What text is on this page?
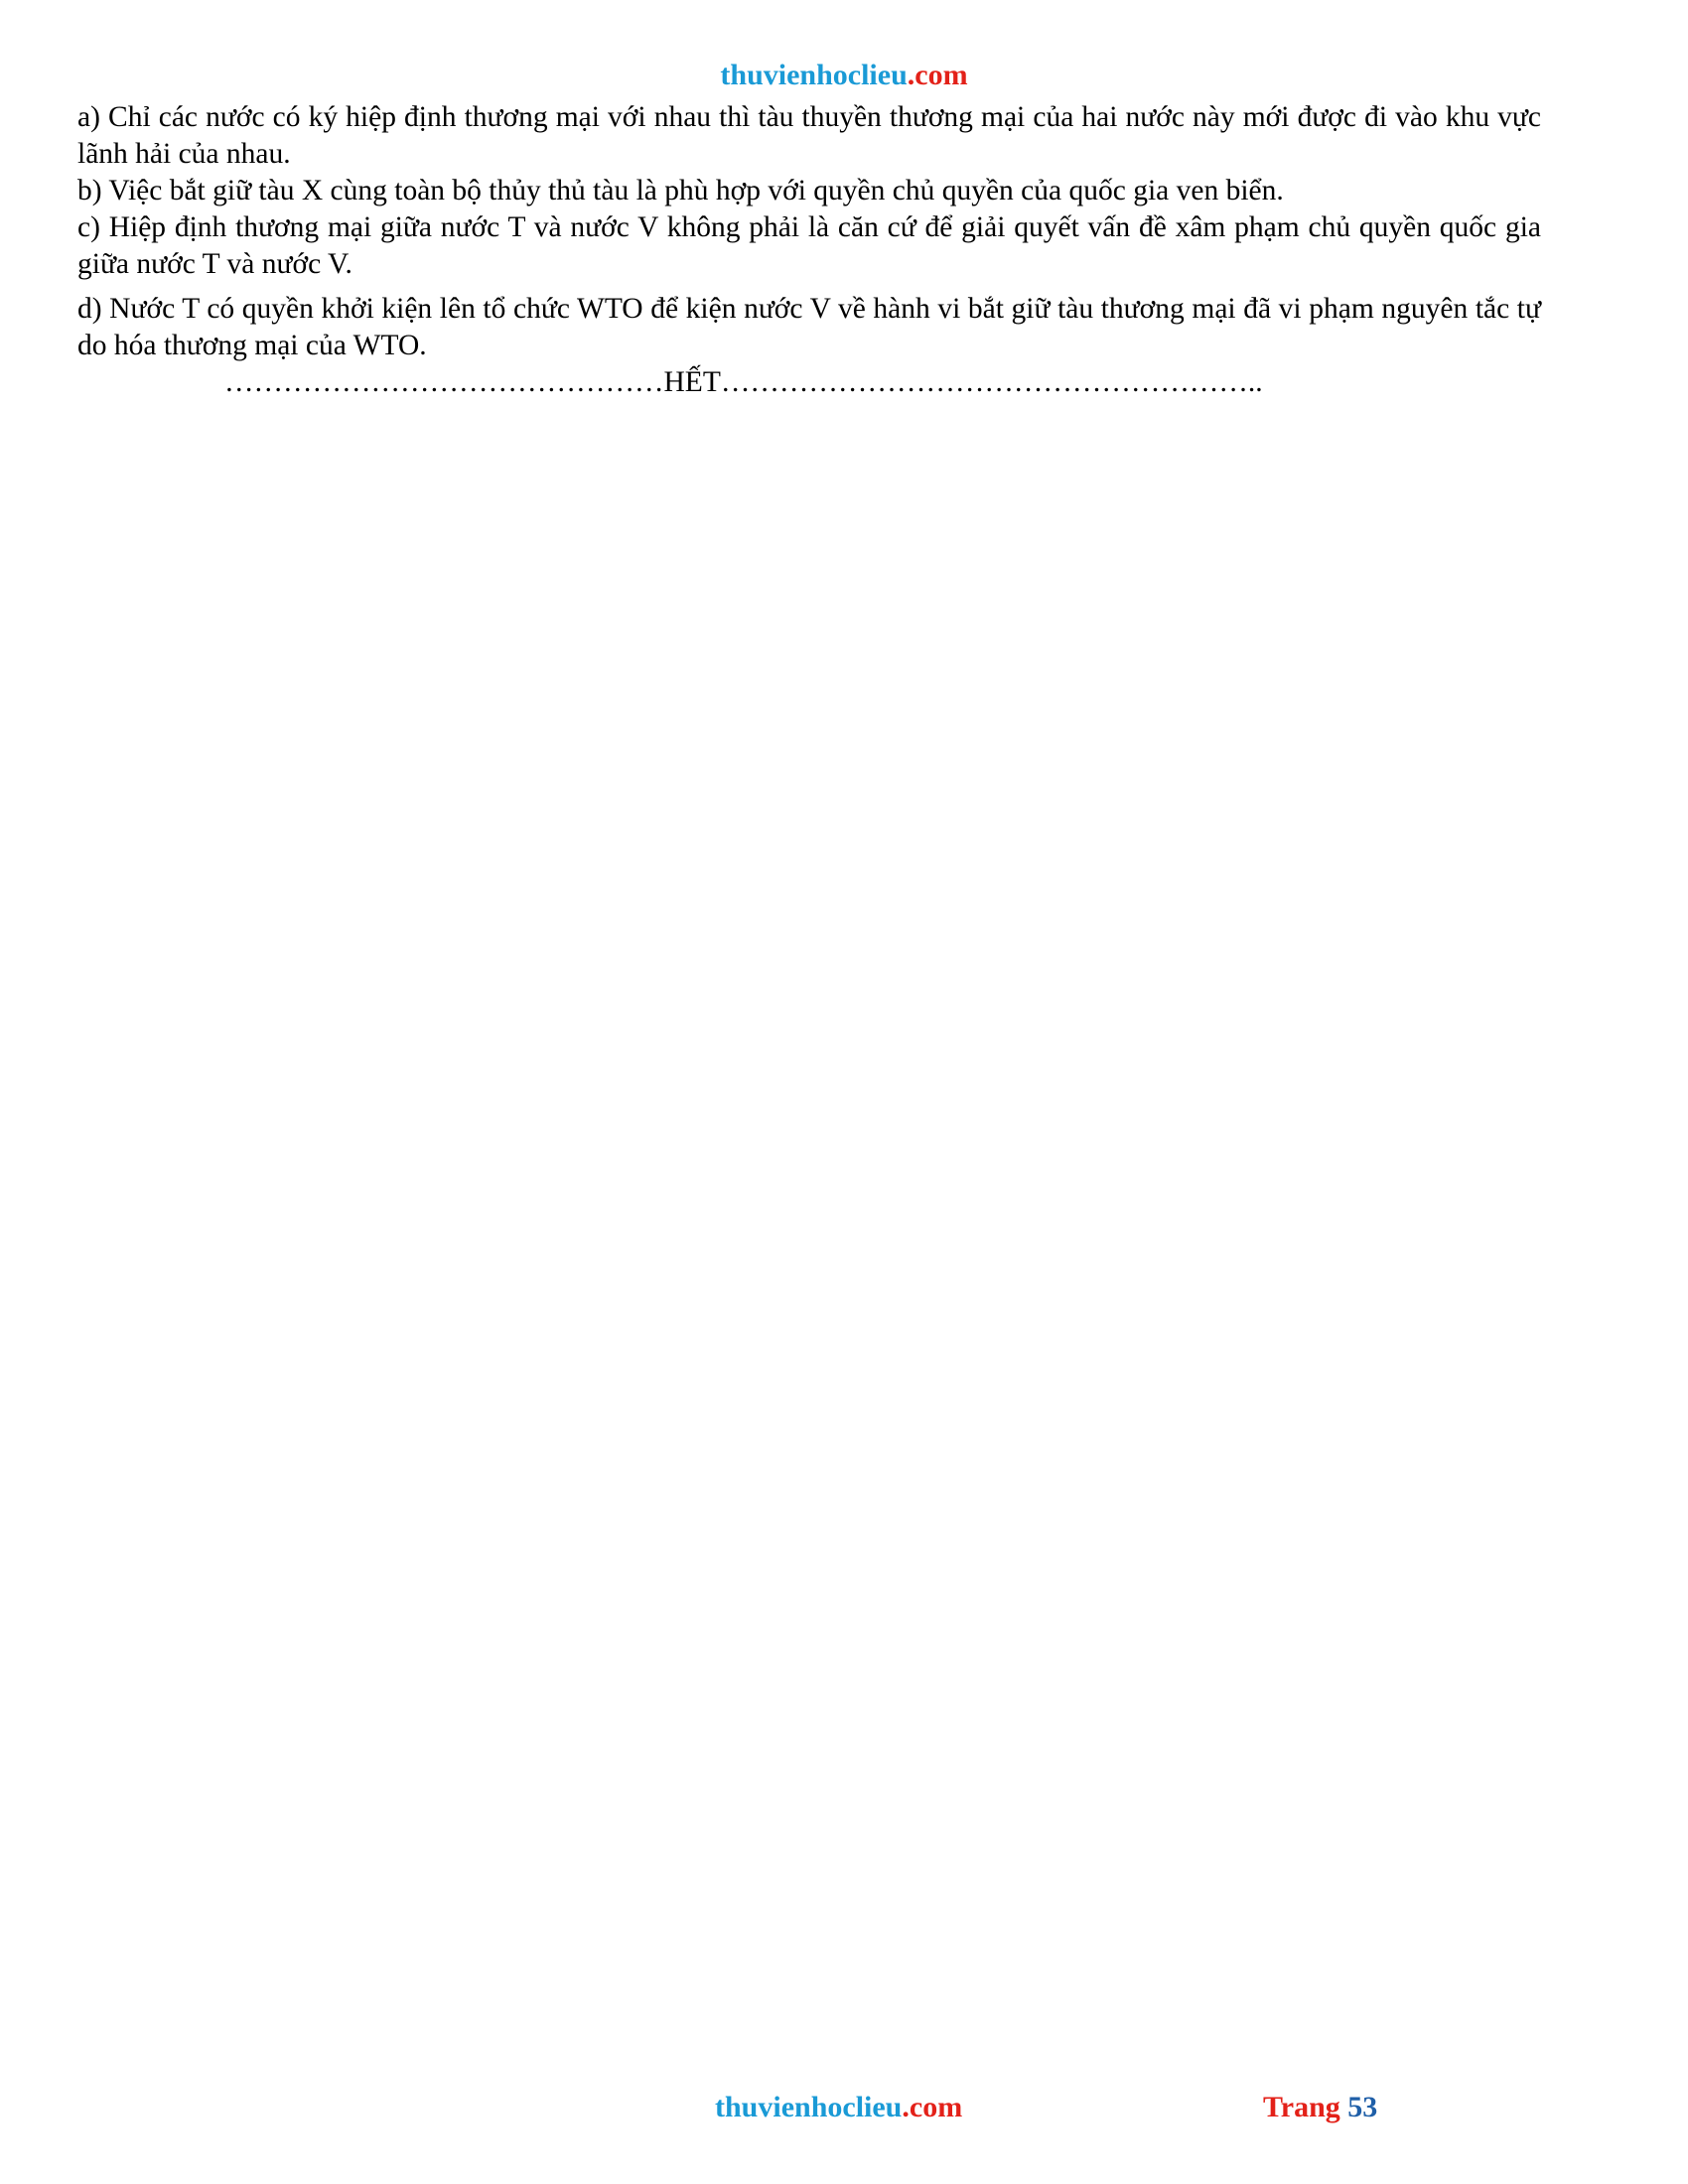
thuvienhoclieu.com

a) Chỉ các nước có ký hiệp định thương mại với nhau thì tàu thuyền thương mại của hai nước này mới được đi vào khu vực lãnh hải của nhau.

b) Việc bắt giữ tàu X cùng toàn bộ thủy thủ tàu là phù hợp với quyền chủ quyền của quốc gia ven biển.

c) Hiệp định thương mại giữa nước T và nước V không phải là căn cứ để giải quyết vấn đề xâm phạm chủ quyền quốc gia giữa nước T và nước V.

d) Nước T có quyền khởi kiện lên tổ chức WTO để kiện nước V về hành vi bắt giữ tàu thương mại đã vi phạm nguyên tắc tự do hóa thương mại của WTO.

………………………………………HẾT………………………………………………..

thuvienhoclieu.com	Trang 53
